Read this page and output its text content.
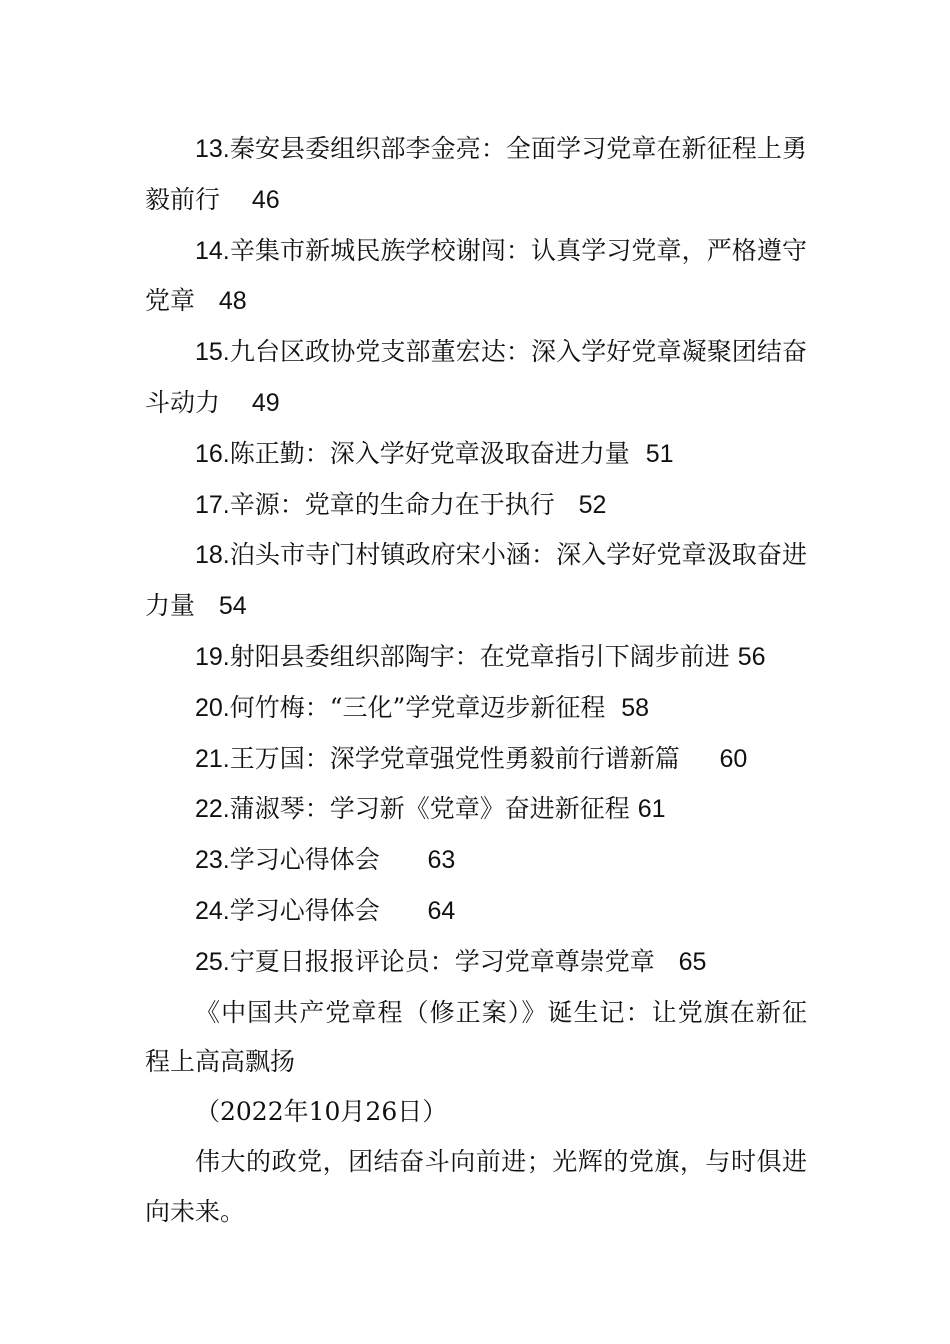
13.秦安县委组织部李金亮：全面学习党章在新征程上勇毅前行 46

14.辛集市新城民族学校谢闯：认真学习党章，严格遵守党章 48

15.九台区政协党支部董宏达：深入学好党章凝聚团结奋斗动力 49

16.陈正勤：深入学好党章汲取奋进力量 51

17.辛源：党章的生命力在于执行 52

18.泊头市寺门村镇政府宋小涵：深入学好党章汲取奋进力量 54

19.射阳县委组织部陶宇：在党章指引下阔步前进 56

20.何竹梅：“三化”学党章迈步新征程 58

21.王万国：深学党章强党性勇毅前行谱新篇 60

22.蒲淑琴：学习新《党章》奋进新征程 61

23.学习心得体会 63

24.学习心得体会 64

25.宁夏日报报评论员：学习党章尊崇党章 65

《中国共产党章程（修正案）》诞生记：让党旗在新征程上高高飘扬

（2022年10月26日）

伟大的政党，团结奋斗向前进；光辉的党旗，与时俱进向未来。
